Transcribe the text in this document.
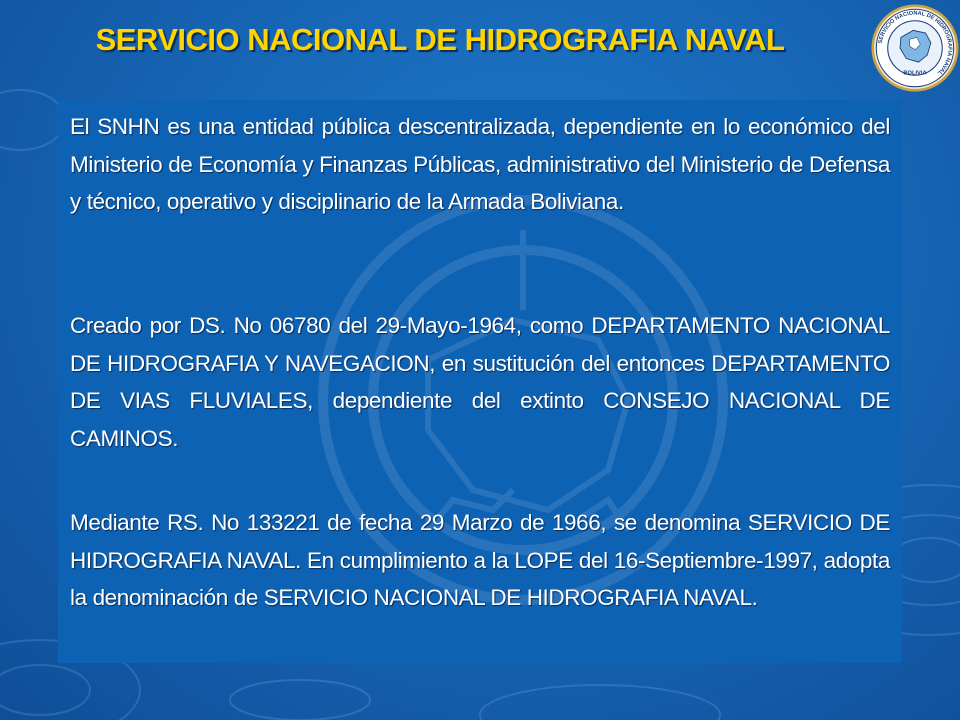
SERVICIO NACIONAL DE HIDROGRAFIA NAVAL	SERVICIO NACIONAL DE HIDROGRAFIA NAVAL
BOLIVIA

El SNHN es una entidad pública descentralizada, dependiente en lo económico del Ministerio de Economía y Finanzas Públicas, administrativo del Ministerio de Defensa y técnico, operativo y disciplinario de la Armada Boliviana.

Creado por DS. No 06780 del 29-Mayo-1964, como DEPARTAMENTO NACIONAL DE HIDROGRAFIA Y NAVEGACION, en sustitución del entonces DEPARTAMENTO DE VIAS FLUVIALES, dependiente del extinto CONSEJO NACIONAL DE CAMINOS.

Mediante RS. No 133221 de fecha 29 Marzo de 1966, se denomina SERVICIO DE HIDROGRAFIA NAVAL. En cumplimiento a la LOPE del 16-Septiembre-1997, adopta la denominación de SERVICIO NACIONAL DE HIDROGRAFIA NAVAL.
